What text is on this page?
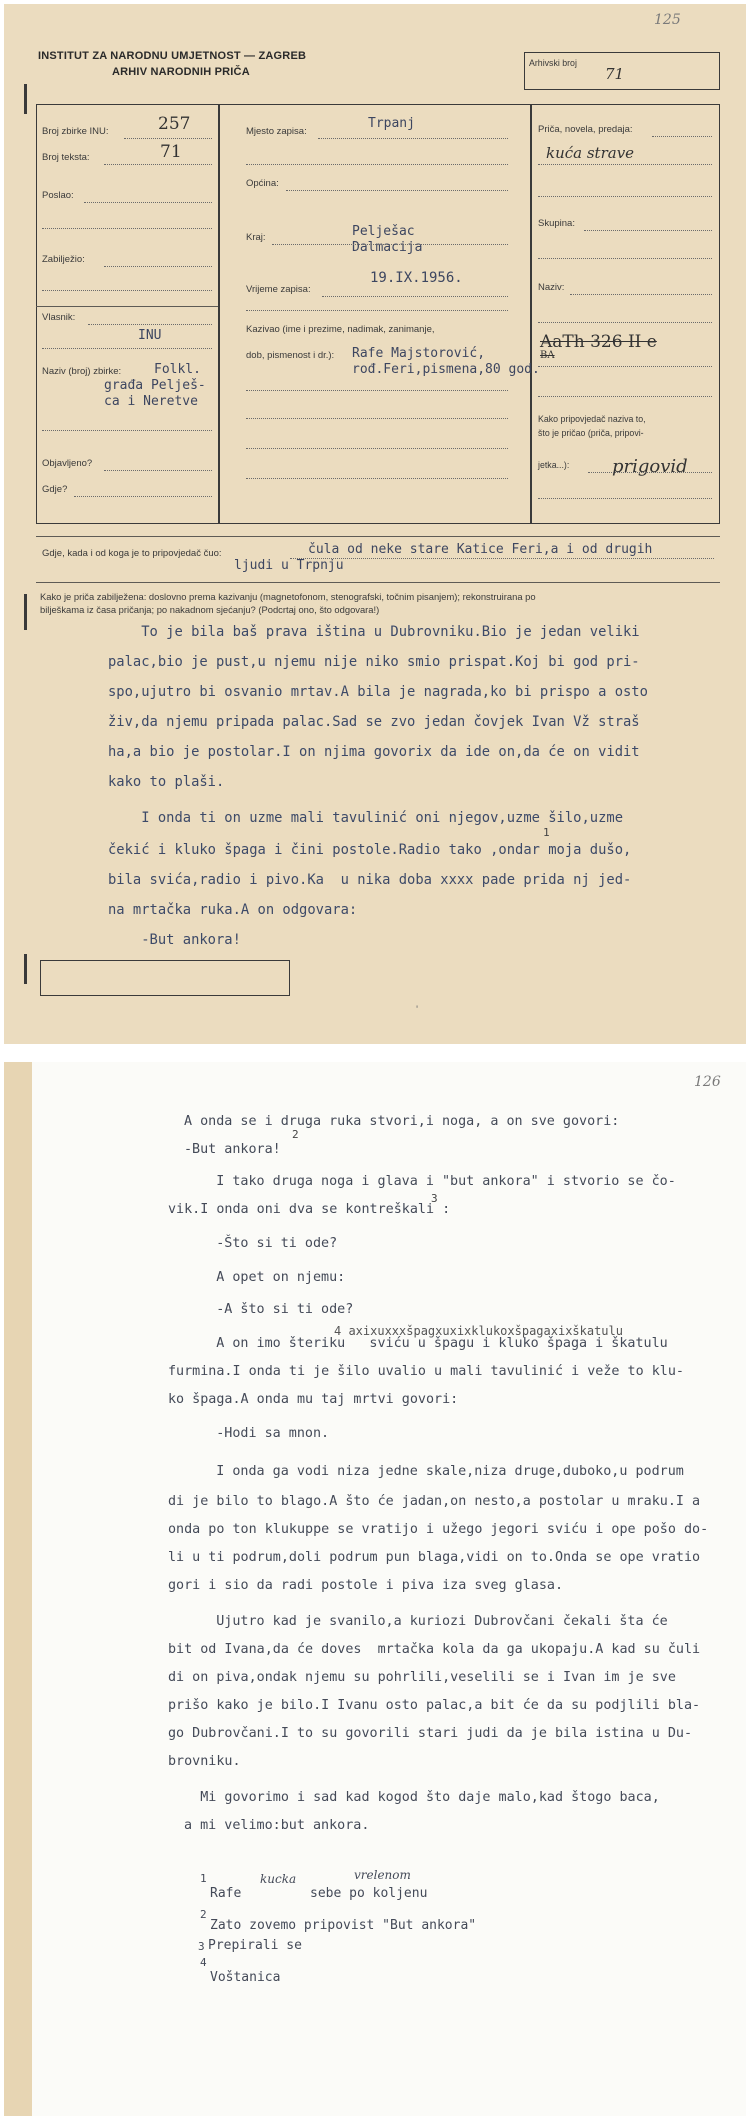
125
INSTITUT ZA NARODNU UMJETNOST — ZAGREB
ARHIV NARODNIH PRIČA
Arhivski broj
71
Broj zbirke INU:	257
Broj teksta:	71
Poslao:
Zabilježio:
Vlasnik:
INU
Naziv (broj) zbirke:	Folkl.
građa Pelješ-
ca i Neretve
Objavljeno?
Gdje?
Mjesto zapisa:
Trpanj
Općina:
Kraj:	Pelješac
Dalmacija
Vrijeme zapisa:
19.IX.1956.
Kazivao (ime i prezime, nadimak, zanimanje,
dob, pismenost i dr.): Rafe Majstorović,
rođ.Feri,pismena,80 god.
Priča, novela, predaja:
kuća strave
Skupina:
Naziv:
AaTh 326 II e
BA
Kako pripovjedač naziva to,
što je pričao (priča, pripovi-
jetka...): prigovid
Gdje, kada i od koga je to pripovjedač čuo:	čula od neke stare Katice Feri,a i od drugih
ljudi u Trpnju
Kako je priča zabilježena: doslovno prema kazivanju (magnetofonom, stenografski, točnim pisanjem); rekonstruirana po
bilješkama iz časa pričanja; po nakadnom sjećanju? (Podcrtaj ono, što odgovara!)
To je bila baš prava iština u Dubrovniku.Bio je jedan veliki
palac,bio je pust,u njemu nije niko smio prispat.Koj bi god pri-
spo,ujutro bi osvanio mrtav.A bila je nagrada,ko bi prispo a osto
živ,da njemu pripada palac.Sad se zvo jedan čovjek Ivan Vž straš
ha,a bio je postolar.I on njima govorix da ide on,da će on vidit
kako to plaši.
I onda ti on uzme mali tavulinić oni njegov,uzme šilo,uzme
1
čekić i kluko špaga i čini postole.Radio tako ,ondar moja dušo,
bila svića,radio i pivo.Ka  u nika doba xxxx pade prida nj jed-
na mrtačka ruka.A on odgovara:
-But ankora!
'
126
A onda se i druga ruka stvori,i noga, a on sve govori:
2
-But ankora!
I tako druga noga i glava i "but ankora" i stvorio se čo-
3
vik.I onda oni dva se kontreškali :
-Što si ti ode?
A opet on njemu:
-A što si ti ode?
4 axixuxxxšpagxuxixklukoxšpagaxixškatulu
A on imo šteriku   sviću u špagu i kluko špaga i škatulu
furmina.I onda ti je šilo uvalio u mali tavulinić i veže to klu-
ko špaga.A onda mu taj mrtvi govori:
-Hodi sa mnon.
I onda ga vodi niza jedne skale,niza druge,duboko,u podrum
di je bilo to blago.A što će jadan,on nesto,a postolar u mraku.I a
onda po ton klukuppe se vratijo i užego jegori sviću i ope pošo do-
li u ti podrum,doli podrum pun blaga,vidi on to.Onda se ope vratio
gori i sio da radi postole i piva iza sveg glasa.
Ujutro kad je svanilo,a kuriozi Dubrovčani čekali šta će
bit od Ivana,da će doves  mrtačka kola da ga ukopaju.A kad su čuli
di on piva,ondak njemu su pohrlili,veselili se i Ivan im je sve
prišo kako je bilo.I Ivanu osto palac,a bit će da su podjlili bla-
go Dubrovčani.I to su govorili stari judi da je bila istina u Du-
brovniku.
Mi govorimo i sad kad kogod što daje malo,kad štogo baca,
a mi velimo:but ankora.
1	kucka	vrelenom
Rafe	sebe po koljenu
2
Zato zovemo pripovist "But ankora"
3 Prepirali se
4
Voštanica
